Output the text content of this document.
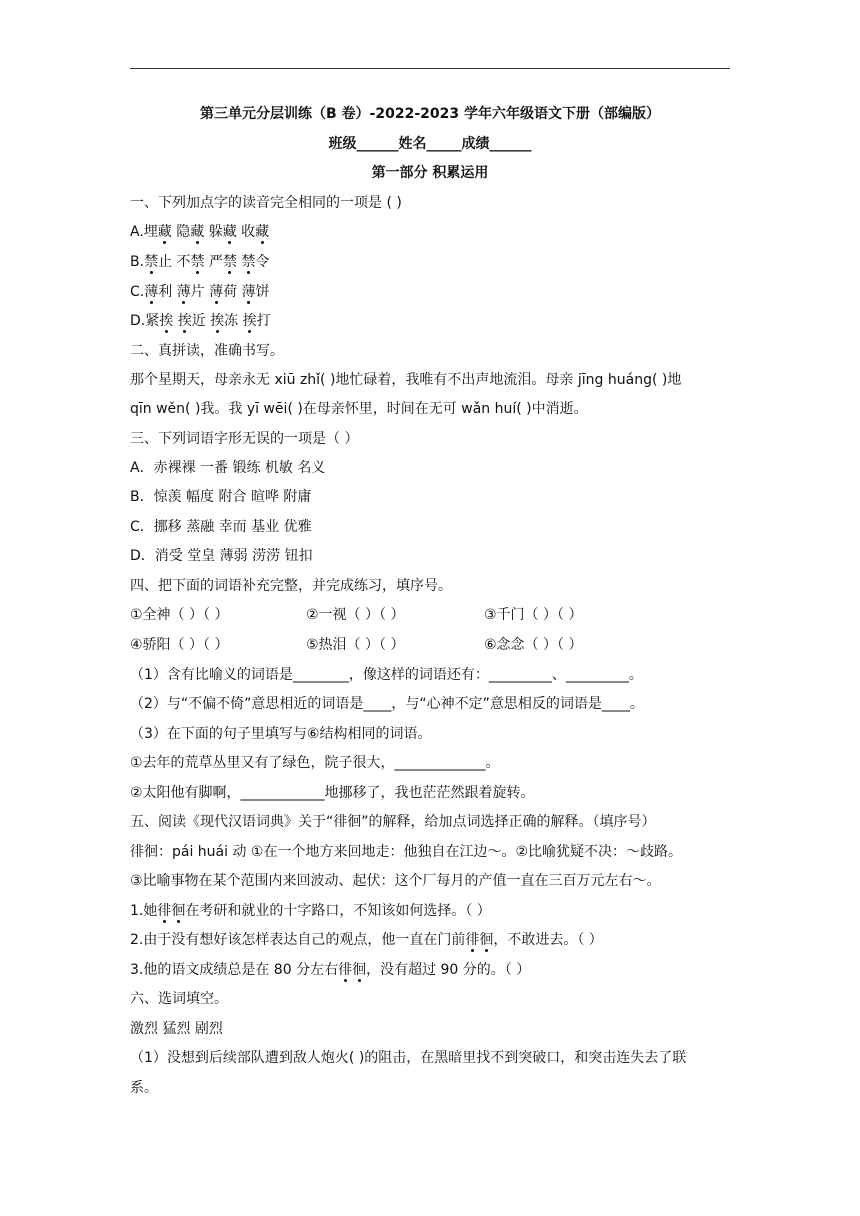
第三单元分层训练（B 卷）-2022-2023 学年六年级语文下册（部编版）
班级______姓名_____成绩______
第一部分 积累运用
一、下列加点字的读音完全相同的一项是 ( )
A.埋藏 隐藏 躲藏 收藏
B.禁止 不禁 严禁 禁令
C.薄利 薄片 薄荷 薄饼
D.紧挨 挨近 挨冻 挨打
二、真拼读，准确书写。
那个星期天，母亲永无 xiū zhǐ( )地忙碌着，我唯有不出声地流泪。母亲 jīng huáng( )地
qīn wěn( )我。我 yī wēi( )在母亲怀里，时间在无可 wǎn huí( )中消逝。
三、下列词语字形无误的一项是（ ）
A．赤裸裸 一番 锻练 机敏 名义
B．惊羡 幅度 附合 暄哗 附庸
C．挪移 蒸融 幸而 基业 优雅
D．消受 堂皇 薄弱 涝涝 钮扣
四、把下面的词语补充完整，并完成练习，填序号。
①全神（ ）（ ）	②一视（ ）（ ）	③千门（ ）（ ）
④骄阳（ ）（ ）	⑤热泪（ ）（ ）	⑥念念（ ）（ ）
（1）含有比喻义的词语是________，像这样的词语还有：_________、_________。
（2）与“不偏不倚”意思相近的词语是____，与“心神不定”意思相反的词语是____。
（3）在下面的句子里填写与⑥结构相同的词语。
①去年的荒草丛里又有了绿色，院子很大，_____________。
②太阳他有脚啊，____________地挪移了，我也茫茫然跟着旋转。
五、阅读《现代汉语词典》关于“徘徊”的解释，给加点词选择正确的解释。（填序号）
徘徊：pái huái 动 ①在一个地方来回地走：他独自在江边～。②比喻犹疑不决：～歧路。
③比喻事物在某个范围内来回波动、起伏：这个厂每月的产值一直在三百万元左右～。
1.她徘徊在考研和就业的十字路口，不知该如何选择。（ ）
2.由于没有想好该怎样表达自己的观点，他一直在门前徘徊，不敢进去。（ ）
3.他的语文成绩总是在 80 分左右徘徊，没有超过 90 分的。（ ）
六、选词填空。
激烈 猛烈 剧烈
（1）没想到后续部队遭到敌人炮火( )的阻击，在黑暗里找不到突破口，和突击连失去了联
系。
